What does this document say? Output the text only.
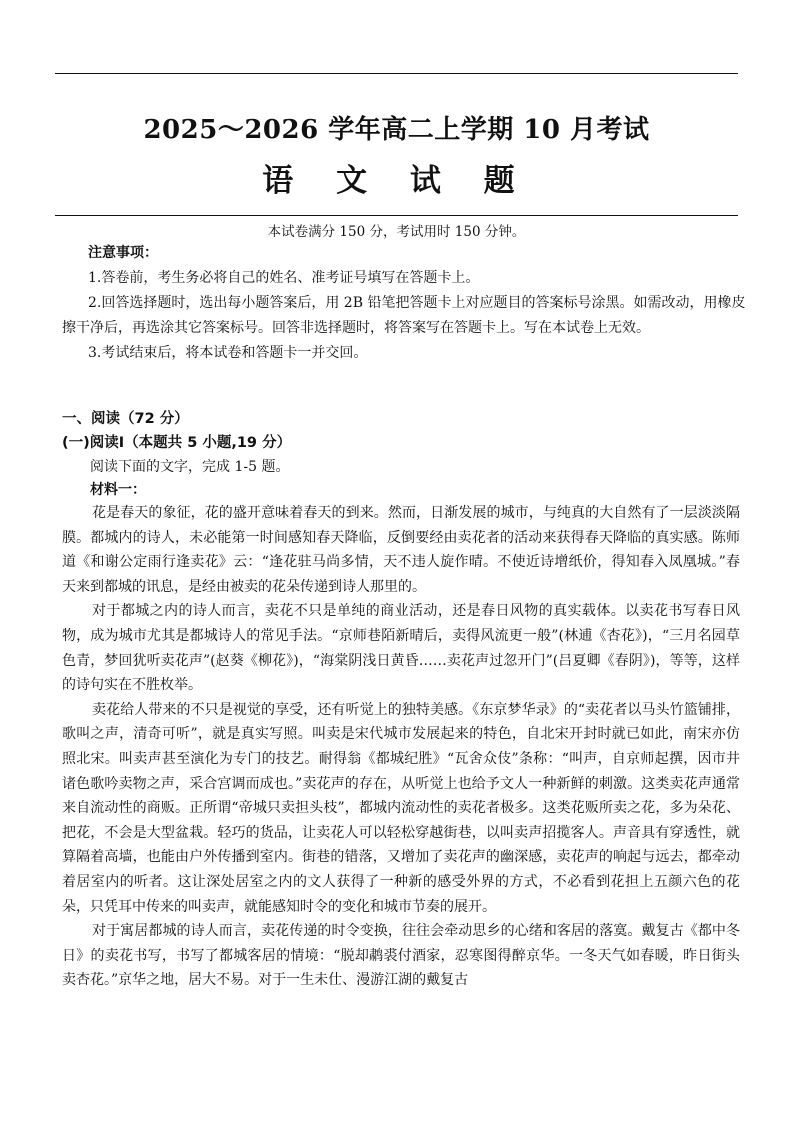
2025～2026 学年高二上学期 10 月考试
语 文 试 题
本试卷满分 150 分，考试用时 150 分钟。

注意事项：

1.答卷前，考生务必将自己的姓名、准考证号填写在答题卡上。

2.回答选择题时，选出每小题答案后，用 2B 铅笔把答题卡上对应题目的答案标号涂黑。如需改动，用橡皮擦干净后，再选涂其它答案标号。回答非选择题时，将答案写在答题卡上。写在本试卷上无效。

3.考试结束后，将本试卷和答题卡一并交回。

一、阅读（72 分）
(一)阅读Ⅰ（本题共 5 小题,19 分）
阅读下面的文字，完成 1-5 题。
材料一：

花是春天的象征，花的盛开意味着春天的到来。然而，日渐发展的城市，与纯真的大自然有了一层淡淡隔膜。都城内的诗人，未必能第一时间感知春天降临，反倒要经由卖花者的活动来获得春天降临的真实感。陈师道《和谢公定雨行逢卖花》云：“逢花驻马尚多情，天不违人旋作晴。不使近诗增纸价，得知春入凤凰城。”春天来到都城的讯息，是经由被卖的花朵传递到诗人那里的。

对于都城之内的诗人而言，卖花不只是单纯的商业活动，还是春日风物的真实载体。以卖花书写春日风物，成为城市尤其是都城诗人的常见手法。“京师巷陌新晴后，卖得风流更一般”(林逋《杏花》)，“三月名园草色青，梦回犹听卖花声”(赵葵《柳花》)，“海棠阴浅日黄昏……卖花声过忽开门”(吕夏卿《春阴》)，等等，这样的诗句实在不胜枚举。

卖花给人带来的不只是视觉的享受，还有听觉上的独特美感。《东京梦华录》的“卖花者以马头竹篮铺排，歌叫之声，清奇可听”，就是真实写照。叫卖是宋代城市发展起来的特色，自北宋开封时就已如此，南宋亦仿照北宋。叫卖声甚至演化为专门的技艺。耐得翁《都城纪胜》“瓦舍众伎”条称：“叫声，自京师起撰，因市井诸色歌吟卖物之声，采合宫调而成也。”卖花声的存在，从听觉上也给予文人一种新鲜的刺激。这类卖花声通常来自流动性的商贩。正所谓“帝城只卖担头枝”，都城内流动性的卖花者极多。这类花贩所卖之花，多为朵花、把花，不会是大型盆栽。轻巧的货品，让卖花人可以轻松穿越街巷，以叫卖声招揽客人。声音具有穿透性，就算隔着高墙，也能由户外传播到室内。街巷的错落，又增加了卖花声的幽深感，卖花声的响起与远去，都牵动着居室内的听者。这让深处居室之内的文人获得了一种新的感受外界的方式，不必看到花担上五颜六色的花朵，只凭耳中传来的叫卖声，就能感知时令的变化和城市节奏的展开。

对于寓居都城的诗人而言，卖花传递的时令变换，往往会牵动思乡的心绪和客居的落寞。戴复古《都中冬日》的卖花书写，书写了都城客居的情境：“脱却鹔裘付酒家，忍寒图得醉京华。一冬天气如春暖，昨日街头卖杏花。”京华之地，居大不易。对于一生未仕、漫游江湖的戴复古
